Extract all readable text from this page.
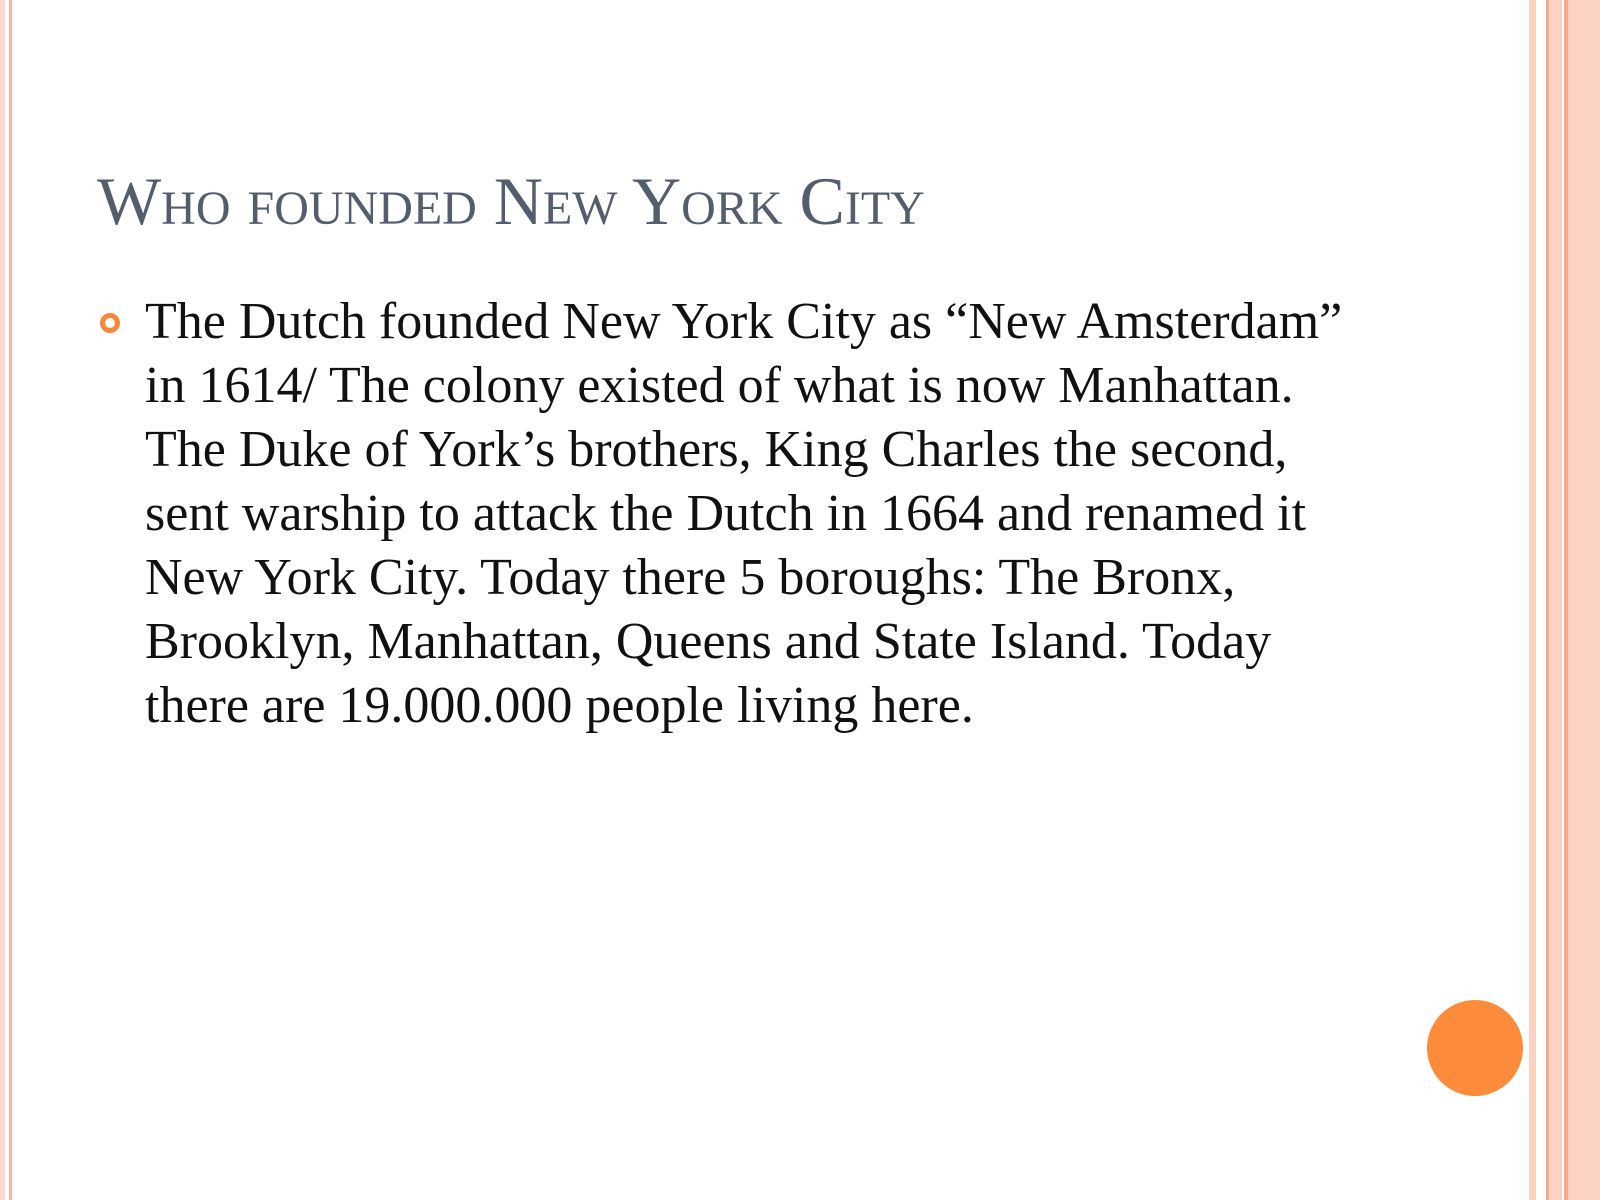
Who founded New York City
The Dutch founded New York City as “New Amsterdam” in 1614/ The colony existed of what is now Manhattan. The Duke of York’s brothers, King Charles the second, sent warship to attack the Dutch in 1664 and renamed it New York City. Today there 5 boroughs: The Bronx, Brooklyn, Manhattan, Queens and State Island. Today there are 19.000.000 people living here.
